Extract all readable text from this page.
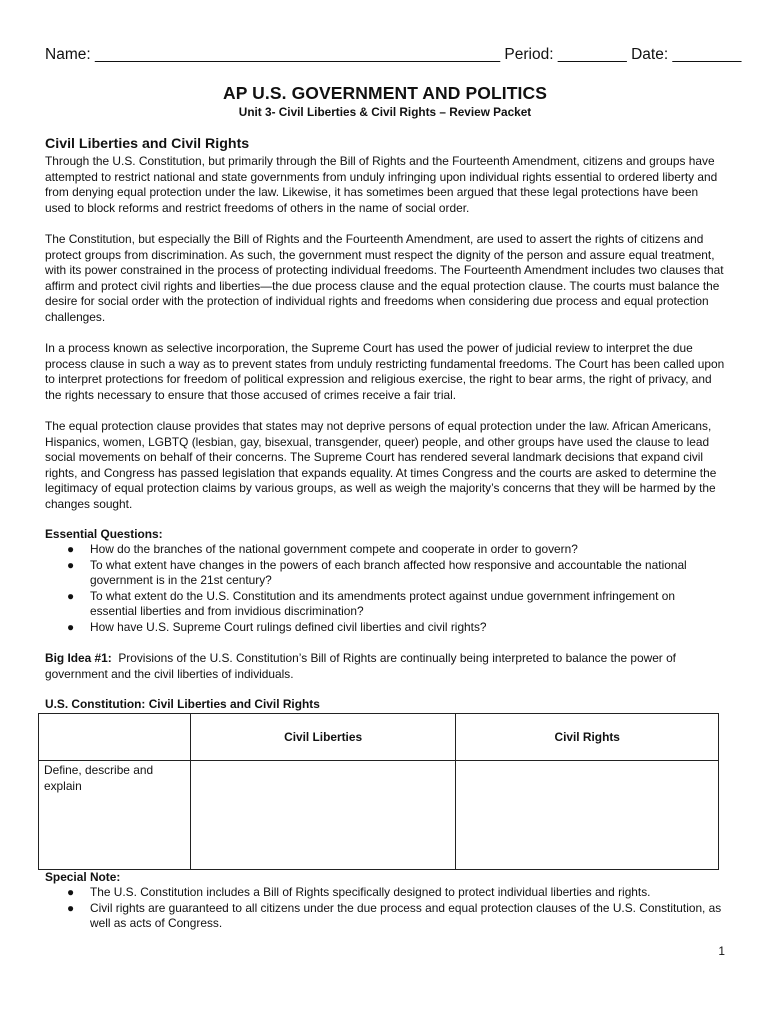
Name: _______________________________________________ Period: ________ Date: ________
AP U.S. GOVERNMENT AND POLITICS
Unit 3- Civil Liberties & Civil Rights – Review Packet
Civil Liberties and Civil Rights

Through the U.S. Constitution, but primarily through the Bill of Rights and the Fourteenth Amendment, citizens and groups have attempted to restrict national and state governments from unduly infringing upon individual rights essential to ordered liberty and from denying equal protection under the law. Likewise, it has sometimes been argued that these legal protections have been used to block reforms and restrict freedoms of others in the name of social order.

The Constitution, but especially the Bill of Rights and the Fourteenth Amendment, are used to assert the rights of citizens and protect groups from discrimination. As such, the government must respect the dignity of the person and assure equal treatment, with its power constrained in the process of protecting individual freedoms. The Fourteenth Amendment includes two clauses that affirm and protect civil rights and liberties—the due process clause and the equal protection clause. The courts must balance the desire for social order with the protection of individual rights and freedoms when considering due process and equal protection challenges.

In a process known as selective incorporation, the Supreme Court has used the power of judicial review to interpret the due process clause in such a way as to prevent states from unduly restricting fundamental freedoms. The Court has been called upon to interpret protections for freedom of political expression and religious exercise, the right to bear arms, the right of privacy, and the rights necessary to ensure that those accused of crimes receive a fair trial.

The equal protection clause provides that states may not deprive persons of equal protection under the law. African Americans, Hispanics, women, LGBTQ (lesbian, gay, bisexual, transgender, queer) people, and other groups have used the clause to lead social movements on behalf of their concerns. The Supreme Court has rendered several landmark decisions that expand civil rights, and Congress has passed legislation that expands equality. At times Congress and the courts are asked to determine the legitimacy of equal protection claims by various groups, as well as weigh the majority’s concerns that they will be harmed by the changes sought.

Essential Questions:
● How do the branches of the national government compete and cooperate in order to govern?
● To what extent have changes in the powers of each branch affected how responsive and accountable the national government is in the 21st century?
● To what extent do the U.S. Constitution and its amendments protect against undue government infringement on essential liberties and from invidious discrimination?
● How have U.S. Supreme Court rulings defined civil liberties and civil rights?
Big Idea #1:  Provisions of the U.S. Constitution’s Bill of Rights are continually being interpreted to balance the power of government and the civil liberties of individuals.
U.S. Constitution: Civil Liberties and Civil Rights
	Civil Liberties	Civil Rights
Define, describe and explain		
Special Note:
● The U.S. Constitution includes a Bill of Rights specifically designed to protect individual liberties and rights.
● Civil rights are guaranteed to all citizens under the due process and equal protection clauses of the U.S. Constitution, as well as acts of Congress.
1
